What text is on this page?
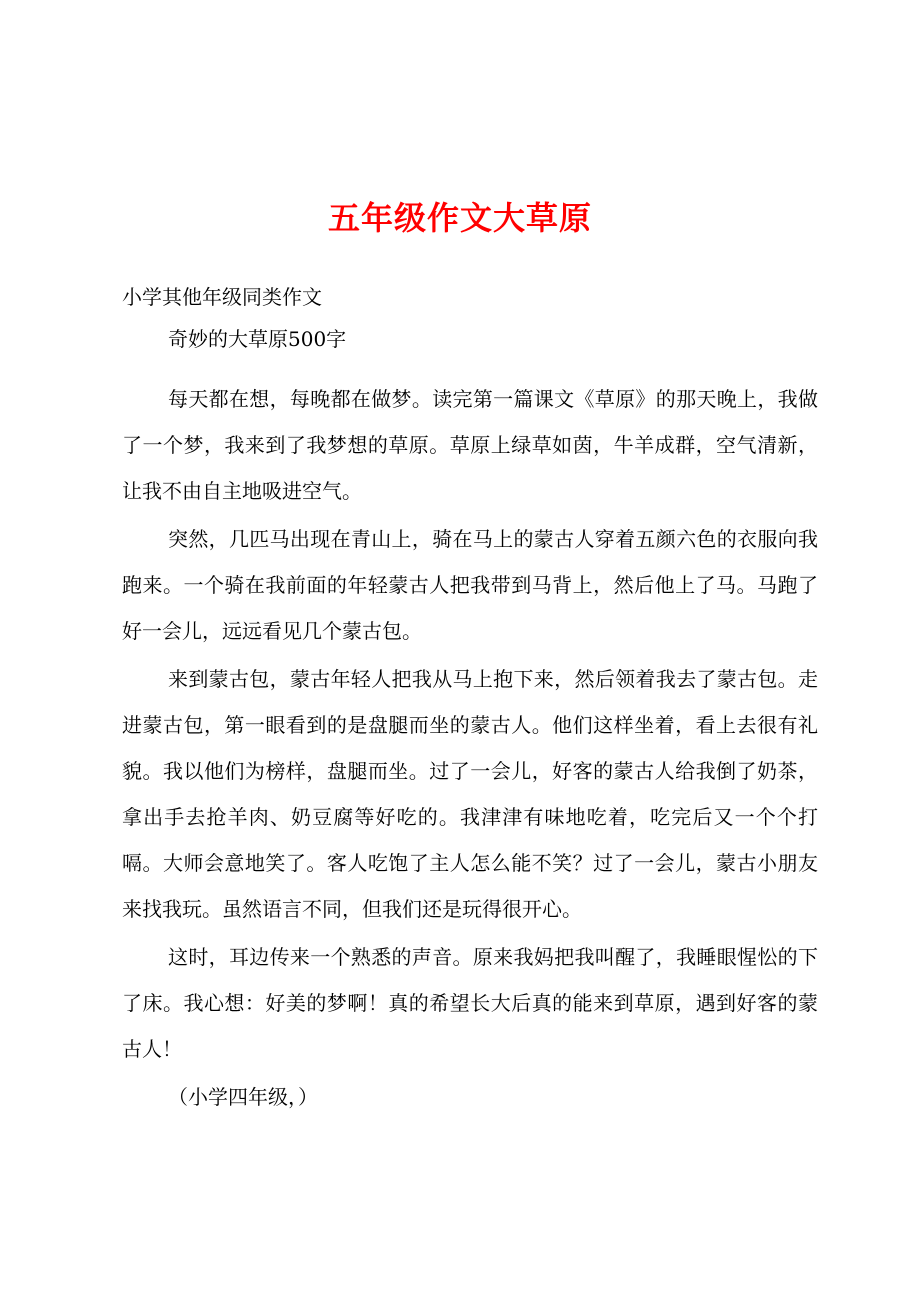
五年级作文大草原
小学其他年级同类作文
奇妙的大草原500字

每天都在想，每晚都在做梦。读完第一篇课文《草原》的那天晚上，我做了一个梦，我来到了我梦想的草原。草原上绿草如茵，牛羊成群，空气清新，让我不由自主地吸进空气。

突然，几匹马出现在青山上，骑在马上的蒙古人穿着五颜六色的衣服向我跑来。一个骑在我前面的年轻蒙古人把我带到马背上，然后他上了马。马跑了好一会儿，远远看见几个蒙古包。

来到蒙古包，蒙古年轻人把我从马上抱下来，然后领着我去了蒙古包。走进蒙古包，第一眼看到的是盘腿而坐的蒙古人。他们这样坐着，看上去很有礼貌。我以他们为榜样，盘腿而坐。过了一会儿，好客的蒙古人给我倒了奶茶，拿出手去抢羊肉、奶豆腐等好吃的。我津津有味地吃着，吃完后又一个个打嗝。大师会意地笑了。客人吃饱了主人怎么能不笑？过了一会儿，蒙古小朋友来找我玩。虽然语言不同，但我们还是玩得很开心。

这时，耳边传来一个熟悉的声音。原来我妈把我叫醒了，我睡眼惺忪的下了床。我心想：好美的梦啊！真的希望长大后真的能来到草原，遇到好客的蒙古人！

（小学四年级，）
